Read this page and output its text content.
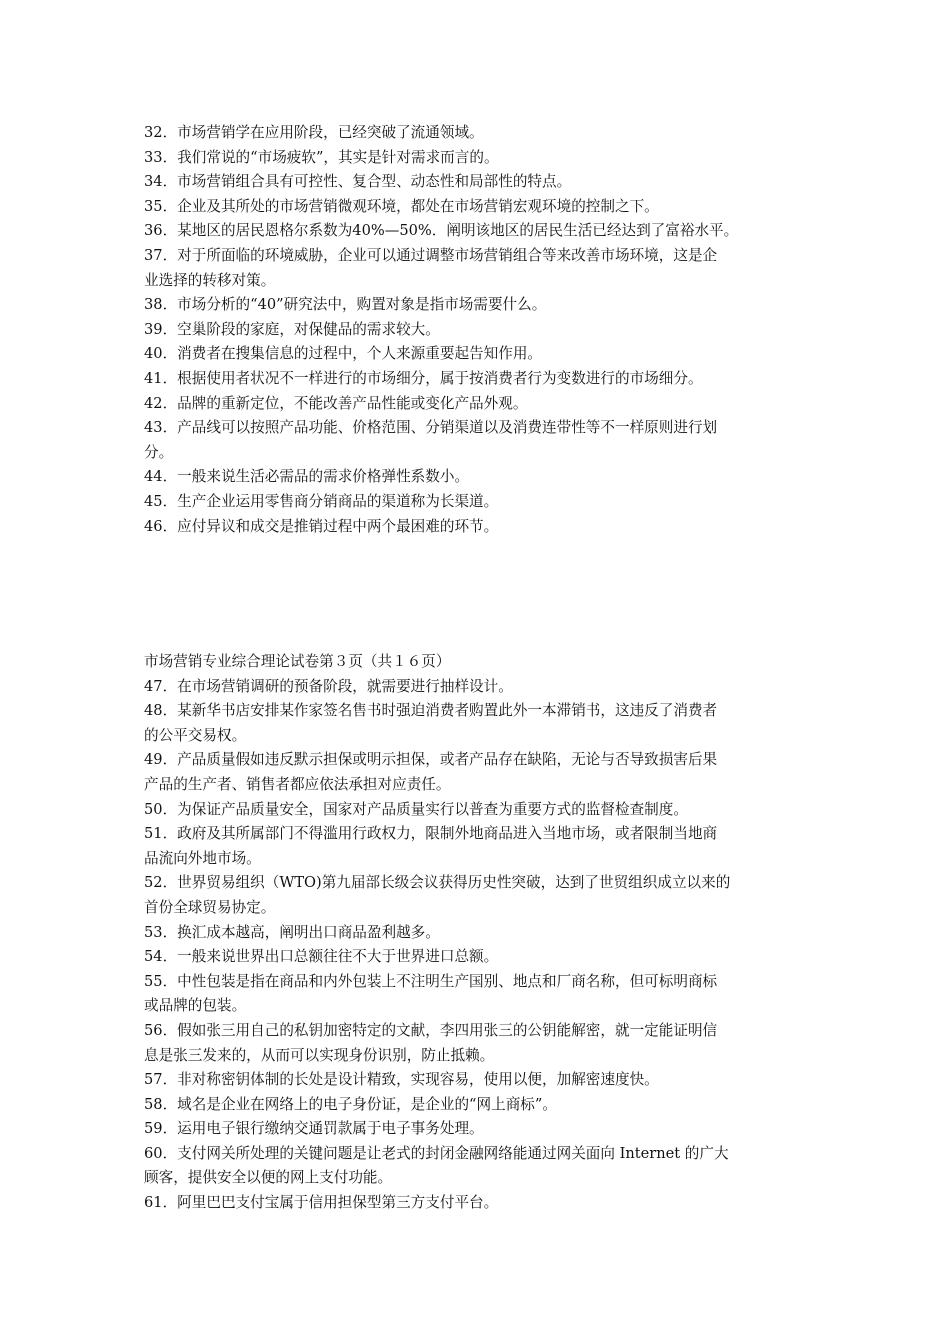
32．市场营销学在应用阶段，已经突破了流通领域。
33．我们常说的“市场疲软”，其实是针对需求而言的。
34．市场营销组合具有可控性、复合型、动态性和局部性的特点。
35．企业及其所处的市场营销微观环境，都处在市场营销宏观环境的控制之下。
36．某地区的居民恩格尔系数为40%—50%．阐明该地区的居民生活已经达到了富裕水平。
37．对于所面临的环境威胁，企业可以通过调整市场营销组合等来改善市场环境，这是企
业选择的转移对策。
38．市场分析的“40”研究法中，购置对象是指市场需要什么。
39．空巢阶段的家庭，对保健品的需求较大。
40．消费者在搜集信息的过程中，个人来源重要起告知作用。
41．根据使用者状况不一样进行的市场细分，属于按消费者行为变数进行的市场细分。
42．品牌的重新定位，不能改善产品性能或变化产品外观。
43．产品线可以按照产品功能、价格范围、分销渠道以及消费连带性等不一样原则进行划
分。
44．一般来说生活必需品的需求价格弹性系数小。
45．生产企业运用零售商分销商品的渠道称为长渠道。
46．应付异议和成交是推销过程中两个最困难的环节。
市场营销专业综合理论试卷第３页（共１６页）
47．在市场营销调研的预备阶段，就需要进行抽样设计。
48．某新华书店安排某作家签名售书时强迫消费者购置此外一本滞销书，这违反了消费者
的公平交易权。
49．产品质量假如违反默示担保或明示担保，或者产品存在缺陷，无论与否导致损害后果
产品的生产者、销售者都应依法承担对应责任。
50．为保证产品质量安全，国家对产品质量实行以普查为重要方式的监督检查制度。
51．政府及其所属部门不得滥用行政权力，限制外地商品进入当地市场，或者限制当地商
品流向外地市场。
52．世界贸易组织（WTO)第九届部长级会议获得历史性突破，达到了世贸组织成立以来的
首份全球贸易协定。
53．换汇成本越高，阐明出口商品盈利越多。
54．一般来说世界出口总额往往不大于世界进口总额。
55．中性包装是指在商品和内外包装上不注明生产国别、地点和厂商名称，但可标明商标
或品牌的包装。
56．假如张三用自己的私钥加密特定的文献，李四用张三的公钥能解密，就一定能证明信
息是张三发来的，从而可以实现身份识别，防止抵赖。
57．非对称密钥体制的长处是设计精致，实现容易，使用以便，加解密速度快。
58．域名是企业在网络上的电子身份证，是企业的“网上商标”。
59．运用电子银行缴纳交通罚款属于电子事务处理。
60．支付网关所处理的关键问题是让老式的封闭金融网络能通过网关面向 Internet 的广大
顾客，提供安全以便的网上支付功能。
61．阿里巴巴支付宝属于信用担保型第三方支付平台。
